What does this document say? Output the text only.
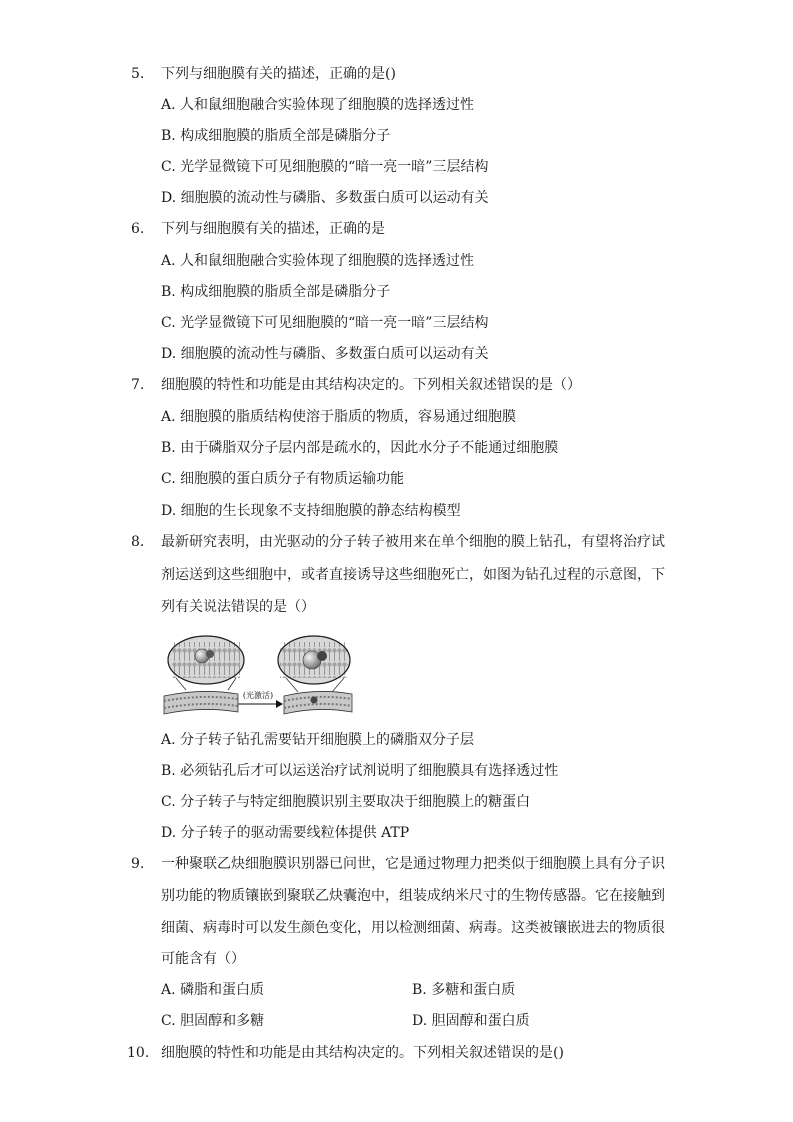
5. 下列与细胞膜有关的描述，正确的是()
A. 人和鼠细胞融合实验体现了细胞膜的选择透过性
B. 构成细胞膜的脂质全部是磷脂分子
C. 光学显微镜下可见细胞膜的“暗一亮一暗”三层结构
D. 细胞膜的流动性与磷脂、多数蛋白质可以运动有关
6. 下列与细胞膜有关的描述，正确的是
A. 人和鼠细胞融合实验体现了细胞膜的选择透过性
B. 构成细胞膜的脂质全部是磷脂分子
C. 光学显微镜下可见细胞膜的“暗一亮一暗”三层结构
D. 细胞膜的流动性与磷脂、多数蛋白质可以运动有关
7. 细胞膜的特性和功能是由其结构决定的。下列相关叙述错误的是（）
A. 细胞膜的脂质结构使溶于脂质的物质，容易通过细胞膜
B. 由于磷脂双分子层内部是疏水的，因此水分子不能通过细胞膜
C. 细胞膜的蛋白质分子有物质运输功能
D. 细胞的生长现象不支持细胞膜的静态结构模型
8. 最新研究表明，由光驱动的分子转子被用来在单个细胞的膜上钻孔，有望将治疗试
剂运送到这些细胞中，或者直接诱导这些细胞死亡，如图为钻孔过程的示意图，下
列有关说法错误的是（）
(光激活)
A. 分子转子钻孔需要钻开细胞膜上的磷脂双分子层
B. 必须钻孔后才可以运送治疗试剂说明了细胞膜具有选择透过性
C. 分子转子与特定细胞膜识别主要取决于细胞膜上的糖蛋白
D. 分子转子的驱动需要线粒体提供 ATP
9. 一种聚联乙炔细胞膜识别器已问世，它是通过物理力把类似于细胞膜上具有分子识
别功能的物质镶嵌到聚联乙炔囊泡中，组装成纳米尺寸的生物传感器。它在接触到
细菌、病毒时可以发生颜色变化，用以检测细菌、病毒。这类被镶嵌进去的物质很
可能含有（）
A. 磷脂和蛋白质	B. 多糖和蛋白质
C. 胆固醇和多糖	D. 胆固醇和蛋白质
10. 细胞膜的特性和功能是由其结构决定的。下列相关叙述错误的是()
